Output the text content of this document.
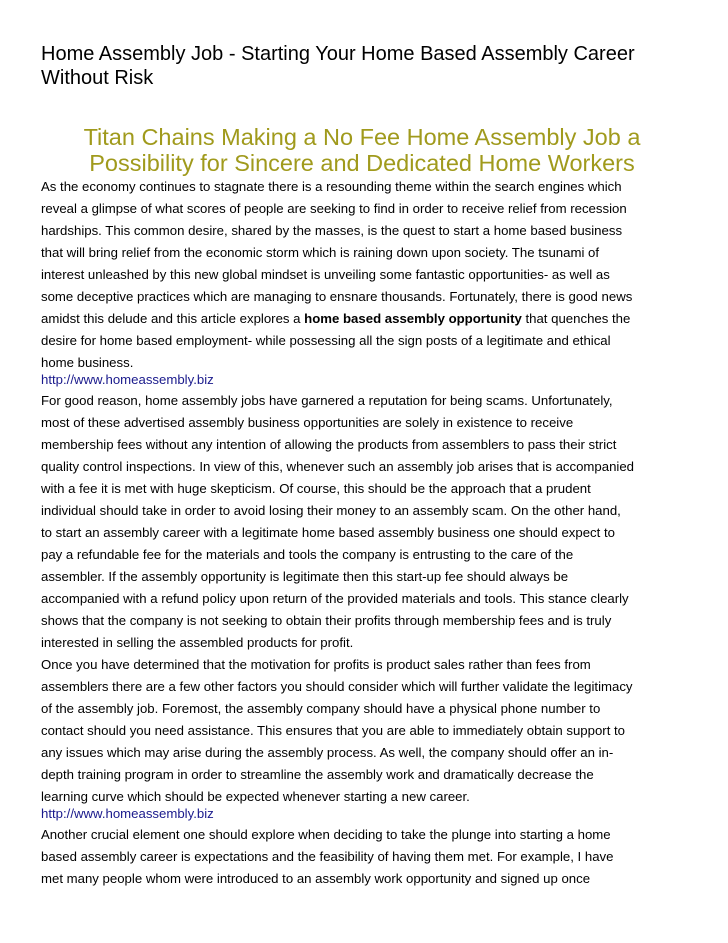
Home Assembly Job - Starting Your Home Based Assembly Career
Without Risk
Titan Chains Making a No Fee Home Assembly Job a
Possibility for Sincere and Dedicated Home Workers
As the economy continues to stagnate there is a resounding theme within the search engines which
reveal a glimpse of what scores of people are seeking to find in order to receive relief from recession
hardships. This common desire, shared by the masses, is the quest to start a home based business
that will bring relief from the economic storm which is raining down upon society. The tsunami of
interest unleashed by this new global mindset is unveiling some fantastic opportunities- as well as
some deceptive practices which are managing to ensnare thousands. Fortunately, there is good news
amidst this delude and this article explores a home based assembly opportunity that quenches the
desire for home based employment- while possessing all the sign posts of a legitimate and ethical
home business.
http://www.homeassembly.biz
For good reason, home assembly jobs have garnered a reputation for being scams. Unfortunately,
most of these advertised assembly business opportunities are solely in existence to receive
membership fees without any intention of allowing the products from assemblers to pass their strict
quality control inspections. In view of this, whenever such an assembly job arises that is accompanied
with a fee it is met with huge skepticism. Of course, this should be the approach that a prudent
individual should take in order to avoid losing their money to an assembly scam. On the other hand,
to start an assembly career with a legitimate home based assembly business one should expect to
pay a refundable fee for the materials and tools the company is entrusting to the care of the
assembler. If the assembly opportunity is legitimate then this start-up fee should always be
accompanied with a refund policy upon return of the provided materials and tools. This stance clearly
shows that the company is not seeking to obtain their profits through membership fees and is truly
interested in selling the assembled products for profit.
Once you have determined that the motivation for profits is product sales rather than fees from
assemblers there are a few other factors you should consider which will further validate the legitimacy
of the assembly job. Foremost, the assembly company should have a physical phone number to
contact should you need assistance. This ensures that you are able to immediately obtain support to
any issues which may arise during the assembly process. As well, the company should offer an in-
depth training program in order to streamline the assembly work and dramatically decrease the
learning curve which should be expected whenever starting a new career.
http://www.homeassembly.biz
Another crucial element one should explore when deciding to take the plunge into starting a home
based assembly career is expectations and the feasibility of having them met. For example, I have
met many people whom were introduced to an assembly work opportunity and signed up once
